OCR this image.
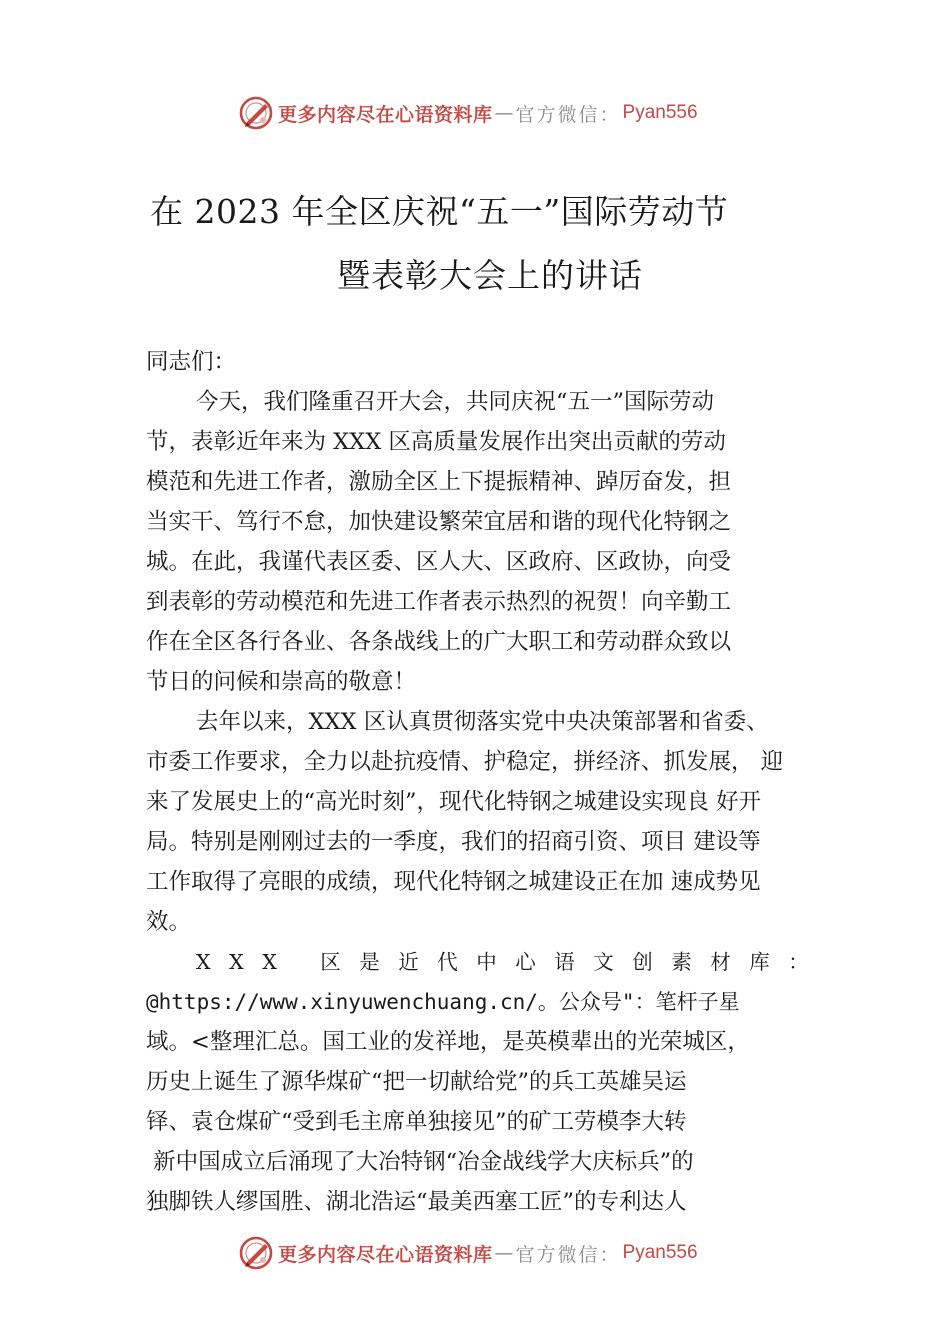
更多内容尽在心语资料库 — 官方微信： Pyan556
在 2023 年全区庆祝“五一”国际劳动节
暨表彰大会上的讲话
同志们：
今天，我们隆重召开大会，共同庆祝“五一”国际劳动
节，表彰近年来为 XXX 区高质量发展作出突出贡献的劳动
模范和先进工作者，激励全区上下提振精神、踔厉奋发，担
当实干、笃行不怠，加快建设繁荣宜居和谐的现代化特钢之
城。在此，我谨代表区委、区人大、区政府、区政协，向受
到表彰的劳动模范和先进工作者表示热烈的祝贺！向辛勤工
作在全区各行各业、各条战线上的广大职工和劳动群众致以
节日的问候和崇高的敬意！
去年以来，XXX 区认真贯彻落实党中央决策部署和省委、
市委工作要求，全力以赴抗疫情、护稳定，拼经济、抓发展， 迎
来了发展史上的“高光时刻”，现代化特钢之城建设实现良 好开
局。特别是刚刚过去的一季度，我们的招商引资、项目 建设等
工作取得了亮眼的成绩，现代化特钢之城建设正在加 速成势见
效。
XXX 区是近代中心语文创素材库：
@https://www.xinyuwenchuang.cn/。公众号"：笔杆子星
域。<整理汇总。国工业的发祥地，是英模辈出的光荣城区，
历史上诞生了源华煤矿“把一切献给党”的兵工英雄吴运
铎、袁仓煤矿“受到毛主席单独接见”的矿工劳模李大转
新中国成立后涌现了大冶特钢“冶金战线学大庆标兵”的
独脚铁人缪国胜、湖北浩运“最美西塞工匠”的专利达人
更多内容尽在心语资料库 — 官方微信： Pyan556
